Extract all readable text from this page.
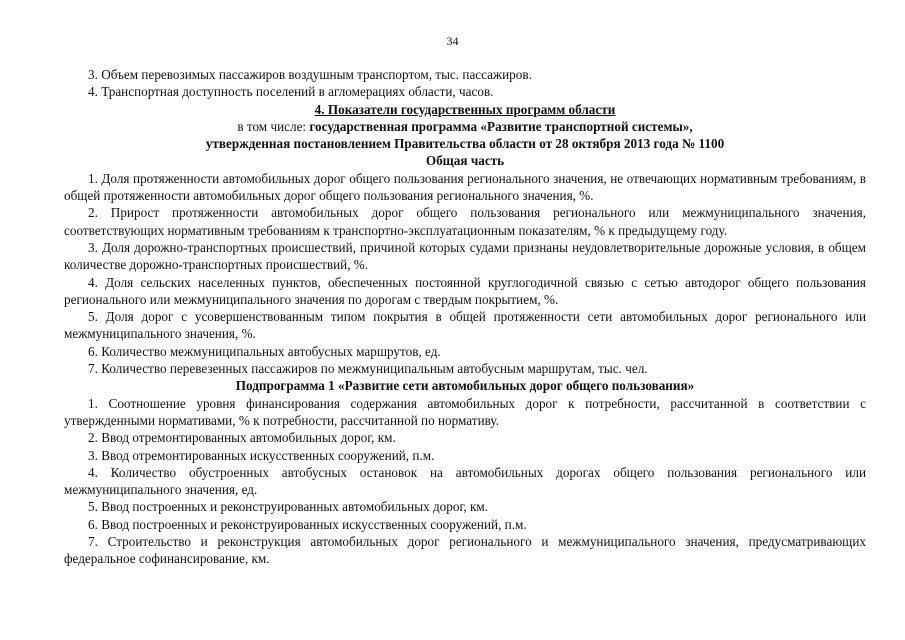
34

3. Объем перевозимых пассажиров воздушным транспортом, тыс. пассажиров.

4. Транспортная доступность поселений в агломерациях области, часов.

4. Показатели государственных программ области

в том числе: государственная программа «Развитие транспортной системы»,

утвержденная постановлением Правительства области от 28 октября 2013 года № 1100

Общая часть

1. Доля протяженности автомобильных дорог общего пользования регионального значения, не отвечающих нормативным требованиям, в общей протяженности автомобильных дорог общего пользования регионального значения, %.

2. Прирост протяженности автомобильных дорог общего пользования регионального или межмуниципального значения, соответствующих нормативным требованиям к транспортно-эксплуатационным показателям, % к предыдущему году.

3. Доля дорожно-транспортных происшествий, причиной которых судами признаны неудовлетворительные дорожные условия, в общем количестве дорожно-транспортных происшествий, %.

4. Доля сельских населенных пунктов, обеспеченных постоянной круглогодичной связью с сетью автодорог общего пользования регионального или межмуниципального значения по дорогам с твердым покрытием, %.

5. Доля дорог с усовершенствованным типом покрытия в общей протяженности сети автомобильных дорог регионального или межмуниципального значения, %.

6. Количество межмуниципальных автобусных маршрутов, ед.

7. Количество перевезенных пассажиров по межмуниципальным автобусным маршрутам, тыс. чел.

Подпрограмма 1 «Развитие сети автомобильных дорог общего пользования»

1. Соотношение уровня финансирования содержания автомобильных дорог к потребности, рассчитанной в соответствии с утвержденными нормативами, % к потребности, рассчитанной по нормативу.

2. Ввод отремонтированных автомобильных дорог, км.

3. Ввод отремонтированных искусственных сооружений, п.м.

4. Количество обустроенных автобусных остановок на автомобильных дорогах общего пользования регионального или межмуниципального значения, ед.

5. Ввод построенных и реконструированных автомобильных дорог, км.

6. Ввод построенных и реконструированных искусственных сооружений, п.м.

7. Строительство и реконструкция автомобильных дорог регионального и межмуниципального значения, предусматривающих федеральное софинансирование, км.
